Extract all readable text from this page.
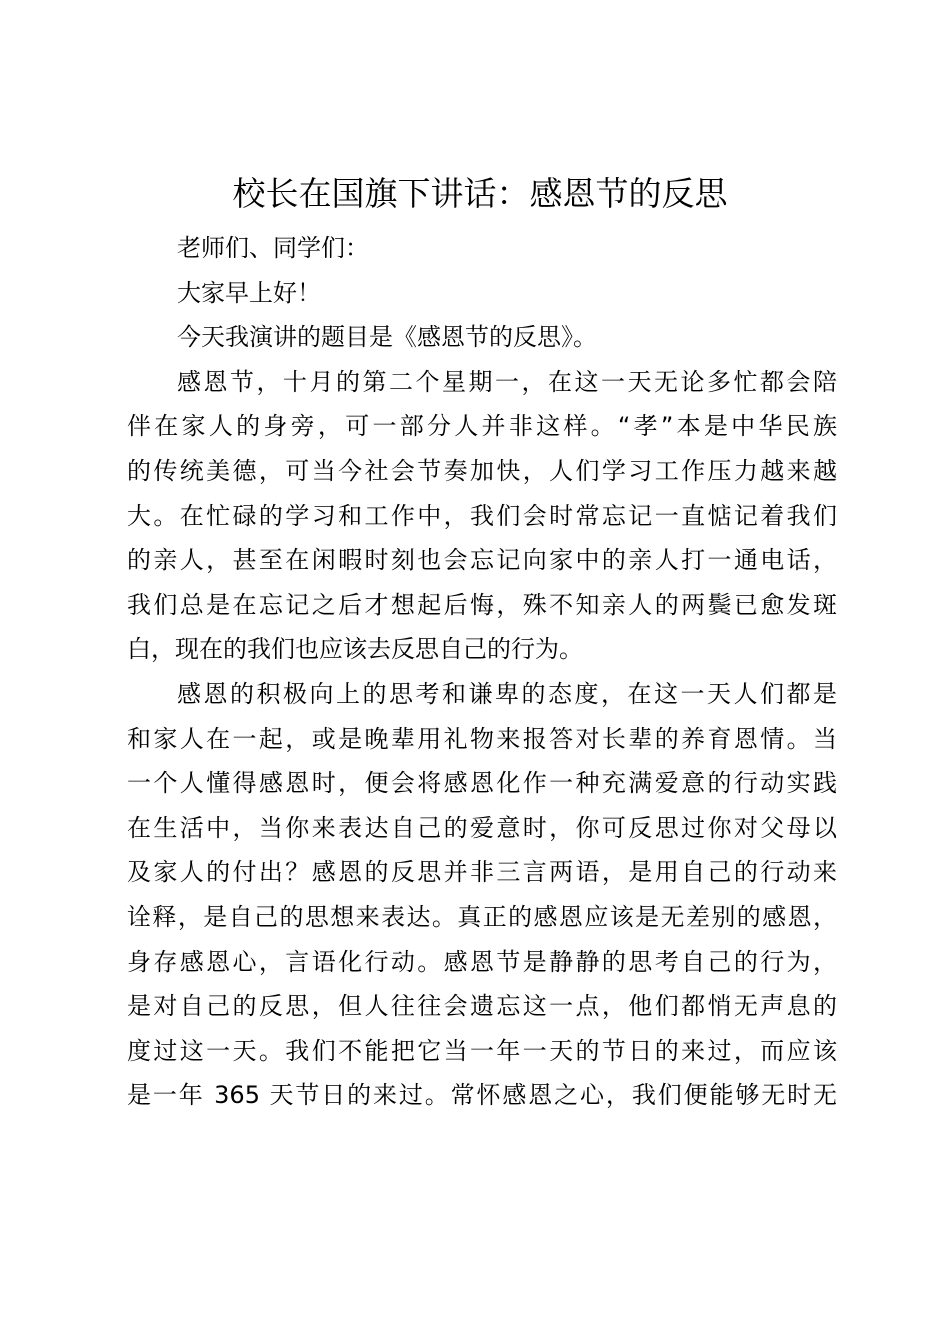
校长在国旗下讲话：感恩节的反思
老师们、同学们：
大家早上好！
今天我演讲的题目是《感恩节的反思》。
感恩节，十月的第二个星期一，在这一天无论多忙都会陪
伴在家人的身旁，可一部分人并非这样。“孝”本是中华民族
的传统美德，可当今社会节奏加快，人们学习工作压力越来越
大。在忙碌的学习和工作中，我们会时常忘记一直惦记着我们
的亲人，甚至在闲暇时刻也会忘记向家中的亲人打一通电话，
我们总是在忘记之后才想起后悔，殊不知亲人的两鬓已愈发斑
白，现在的我们也应该去反思自己的行为。
感恩的积极向上的思考和谦卑的态度，在这一天人们都是
和家人在一起，或是晚辈用礼物来报答对长辈的养育恩情。当
一个人懂得感恩时，便会将感恩化作一种充满爱意的行动实践
在生活中，当你来表达自己的爱意时，你可反思过你对父母以
及家人的付出？感恩的反思并非三言两语，是用自己的行动来
诠释，是自己的思想来表达。真正的感恩应该是无差别的感恩，
身存感恩心，言语化行动。感恩节是静静的思考自己的行为，
是对自己的反思，但人往往会遗忘这一点，他们都悄无声息的
度过这一天。我们不能把它当一年一天的节日的来过，而应该
是一年 365 天节日的来过。常怀感恩之心，我们便能够无时无
